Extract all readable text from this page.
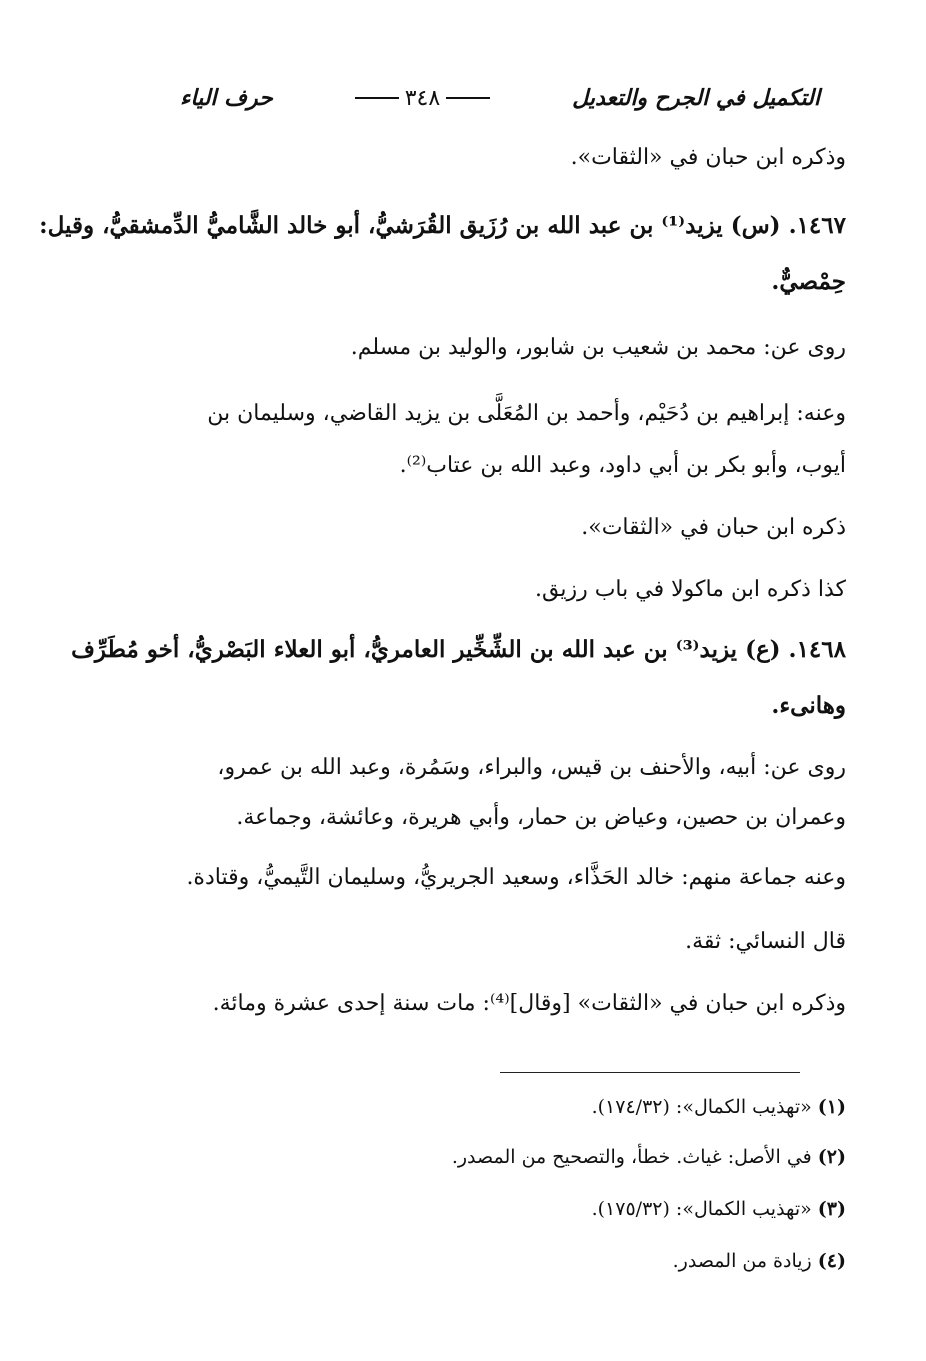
التكميل في الجرح والتعديل
٣٤٨
حرف الياء
وذكره ابن حبان في «الثقات».
١٤٦٧. (س) يزيد⁽¹⁾ بن عبد الله بن رُزَيق القُرَشيُّ، أبو خالد الشَّاميُّ الدِّمشقيُّ، وقيل:
حِمْصيٌّ.
روى عن: محمد بن شعيب بن شابور، والوليد بن مسلم.
وعنه: إبراهيم بن دُحَيْم، وأحمد بن المُعَلَّى بن يزيد القاضي، وسليمان بن
أيوب، وأبو بكر بن أبي داود، وعبد الله بن عتاب⁽²⁾.
ذكره ابن حبان في «الثقات».
كذا ذكره ابن ماكولا في باب رزيق.
١٤٦٨. (ع) يزيد⁽³⁾ بن عبد الله بن الشِّخِّير العامريُّ، أبو العلاء البَصْريُّ، أخو مُطَرِّف
وهانىء.
روى عن: أبيه، والأحنف بن قيس، والبراء، وسَمُرة، وعبد الله بن عمرو،
وعمران بن حصين، وعياض بن حمار، وأبي هريرة، وعائشة، وجماعة.
وعنه جماعة منهم: خالد الحَذَّاء، وسعيد الجريريُّ، وسليمان التَّيميُّ، وقتادة.
قال النسائي: ثقة.
وذكره ابن حبان في «الثقات» [وقال]⁽⁴⁾: مات سنة إحدى عشرة ومائة.
(١) «تهذيب الكمال»: (١٧٤/٣٢).
(٢) في الأصل: غياث. خطأ، والتصحيح من المصدر.
(٣) «تهذيب الكمال»: (١٧٥/٣٢).
(٤) زيادة من المصدر.
